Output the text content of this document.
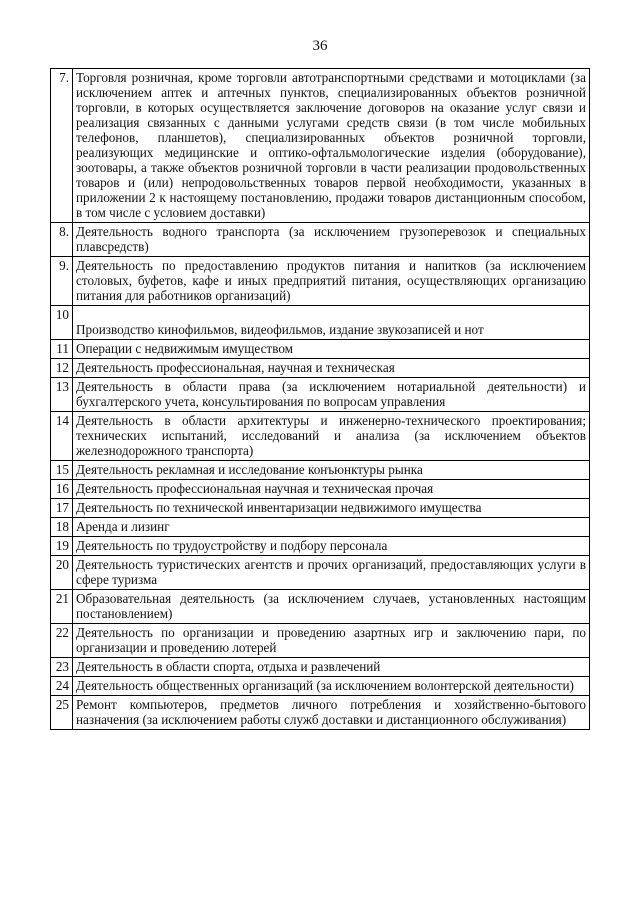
36
7.	Торговля розничная, кроме торговли автотранспортными средствами и мотоциклами (за исключением аптек и аптечных пунктов, специализированных объектов розничной торговли, в которых осуществляется заключение договоров на оказание услуг связи и реализация связанных с данными услугами средств связи (в том числе мобильных телефонов, планшетов), специализированных объектов розничной торговли, реализующих медицинские и оптико-офтальмологические изделия (оборудование), зоотовары, а также объектов розничной торговли в части реализации продовольственных товаров и (или) непродовольственных товаров первой необходимости, указанных в приложении 2 к настоящему постановлению, продажи товаров дистанционным способом, в том числе с условием доставки)
8.	Деятельность водного транспорта (за исключением грузоперевозок и специальных плавсредств)
9.	Деятельность по предоставлению продуктов питания и напитков (за исключением столовых, буфетов, кафе и иных предприятий питания, осуществляющих организацию питания для работников организаций)
10	Производство кинофильмов, видеофильмов, издание звукозаписей и нот
11	Операции с недвижимым имуществом
12	Деятельность профессиональная, научная и техническая
13	Деятельность в области права (за исключением нотариальной деятельности) и бухгалтерского учета, консультирования по вопросам управления
14	Деятельность в области архитектуры и инженерно-технического проектирования; технических испытаний, исследований и анализа (за исключением объектов железнодорожного транспорта)
15	Деятельность рекламная и исследование конъюнктуры рынка
16	Деятельность профессиональная научная и техническая прочая
17	Деятельность по технической инвентаризации недвижимого имущества
18	Аренда и лизинг
19	Деятельность по трудоустройству и подбору персонала
20	Деятельность туристических агентств и прочих организаций, предоставляющих услуги в сфере туризма
21	Образовательная деятельность (за исключением случаев, установленных настоящим постановлением)
22	Деятельность по организации и проведению азартных игр и заключению пари, по организации и проведению лотерей
23	Деятельность в области спорта, отдыха и развлечений
24	Деятельность общественных организаций (за исключением волонтерской деятельности)
25	Ремонт компьютеров, предметов личного потребления и хозяйственно-бытового назначения (за исключением работы служб доставки и дистанционного обслуживания)
